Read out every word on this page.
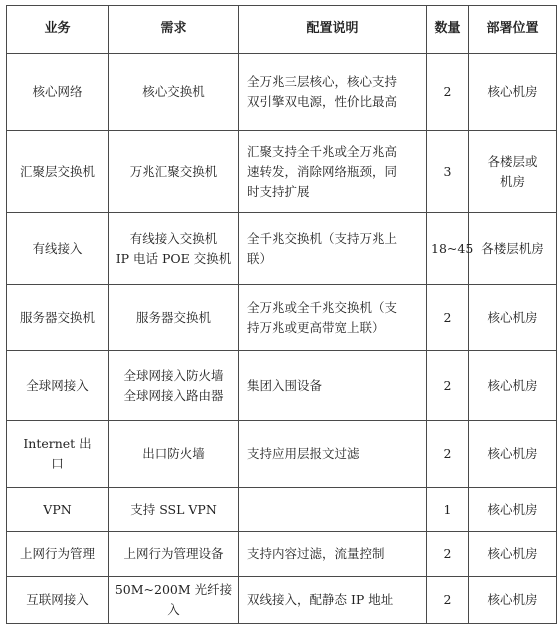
业务	需求	配置说明	数量	部署位置

核心网络	核心交换机	全万兆三层核心，核心支持
双引擎双电源，性价比最高	2	核心机房

汇聚层交换机	万兆汇聚交换机	汇聚支持全千兆或全万兆高
速转发，消除网络瓶颈，同
时支持扩展	3	各楼层或
机房

有线接入	有线接入交换机
IP 电话 POE 交换机	全千兆交换机（支持万兆上
联）	18~45	各楼层机房

服务器交换机	服务器交换机	全万兆或全千兆交换机（支
持万兆或更高带宽上联）	2	核心机房

全球网接入	全球网接入防火墙
全球网接入路由器	集团入围设备	2	核心机房

Internet 出
口	出口防火墙	支持应用层报文过滤	2	核心机房

VPN	支持 SSL VPN		1	核心机房

上网行为管理	上网行为管理设备	支持内容过滤，流量控制	2	核心机房

互联网接入	50M~200M 光纤接入	双线接入，配静态 IP 地址	2	核心机房
